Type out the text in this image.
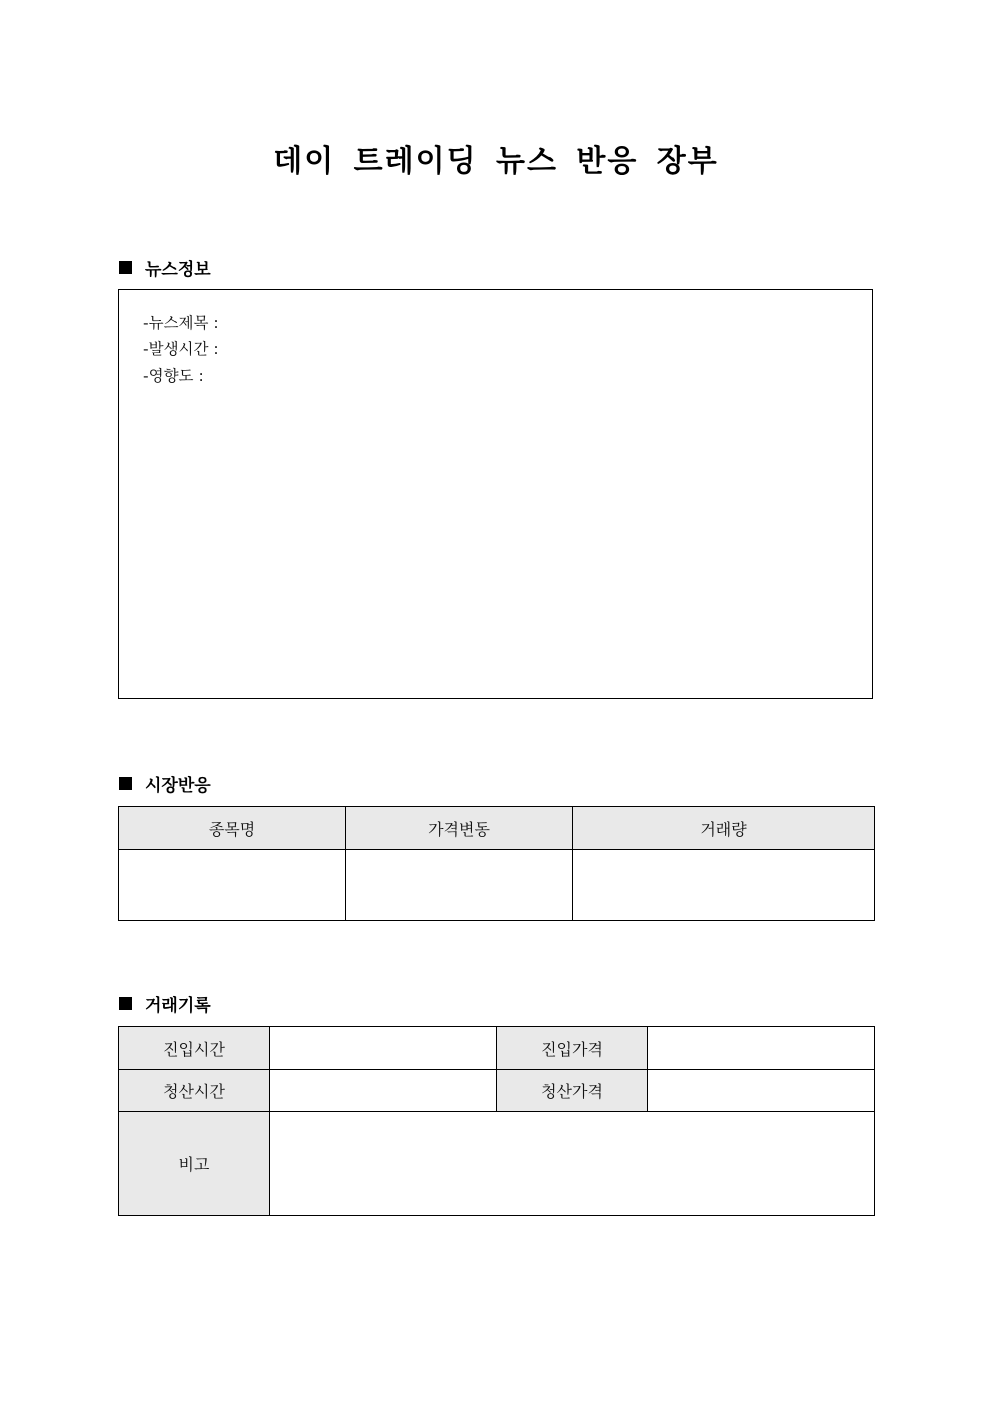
데이 트레이딩 뉴스 반응 장부
뉴스정보
-뉴스제목 :
-발생시간 :
-영향도 :
시장반응
종목명	가격변동	거래량

거래기록
진입시간		진입가격	
청산시간		청산가격	
비고			
